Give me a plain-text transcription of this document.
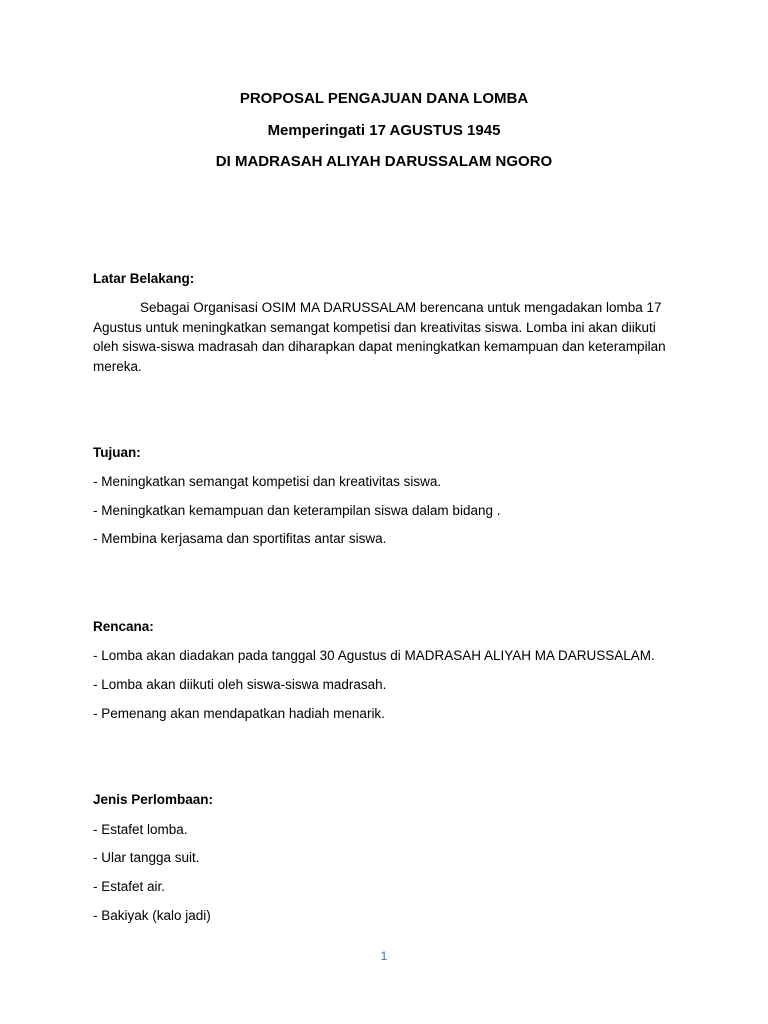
PROPOSAL PENGAJUAN DANA LOMBA
Memperingati 17 AGUSTUS 1945
DI MADRASAH ALIYAH DARUSSALAM NGORO
Latar Belakang:
Sebagai Organisasi OSIM MA DARUSSALAM berencana untuk mengadakan lomba 17 Agustus untuk meningkatkan semangat kompetisi dan kreativitas siswa. Lomba ini akan diikuti oleh siswa-siswa madrasah dan diharapkan dapat meningkatkan kemampuan dan keterampilan mereka.
Tujuan:
- Meningkatkan semangat kompetisi dan kreativitas siswa.
- Meningkatkan kemampuan dan keterampilan siswa dalam bidang .
- Membina kerjasama dan sportifitas antar siswa.
Rencana:
- Lomba akan diadakan pada tanggal 30 Agustus di MADRASAH ALIYAH MA DARUSSALAM.
- Lomba akan diikuti oleh siswa-siswa madrasah.
- Pemenang akan mendapatkan hadiah menarik.
Jenis Perlombaan:
- Estafet lomba.
- Ular tangga suit.
- Estafet air.
- Bakiyak (kalo jadi)
1
